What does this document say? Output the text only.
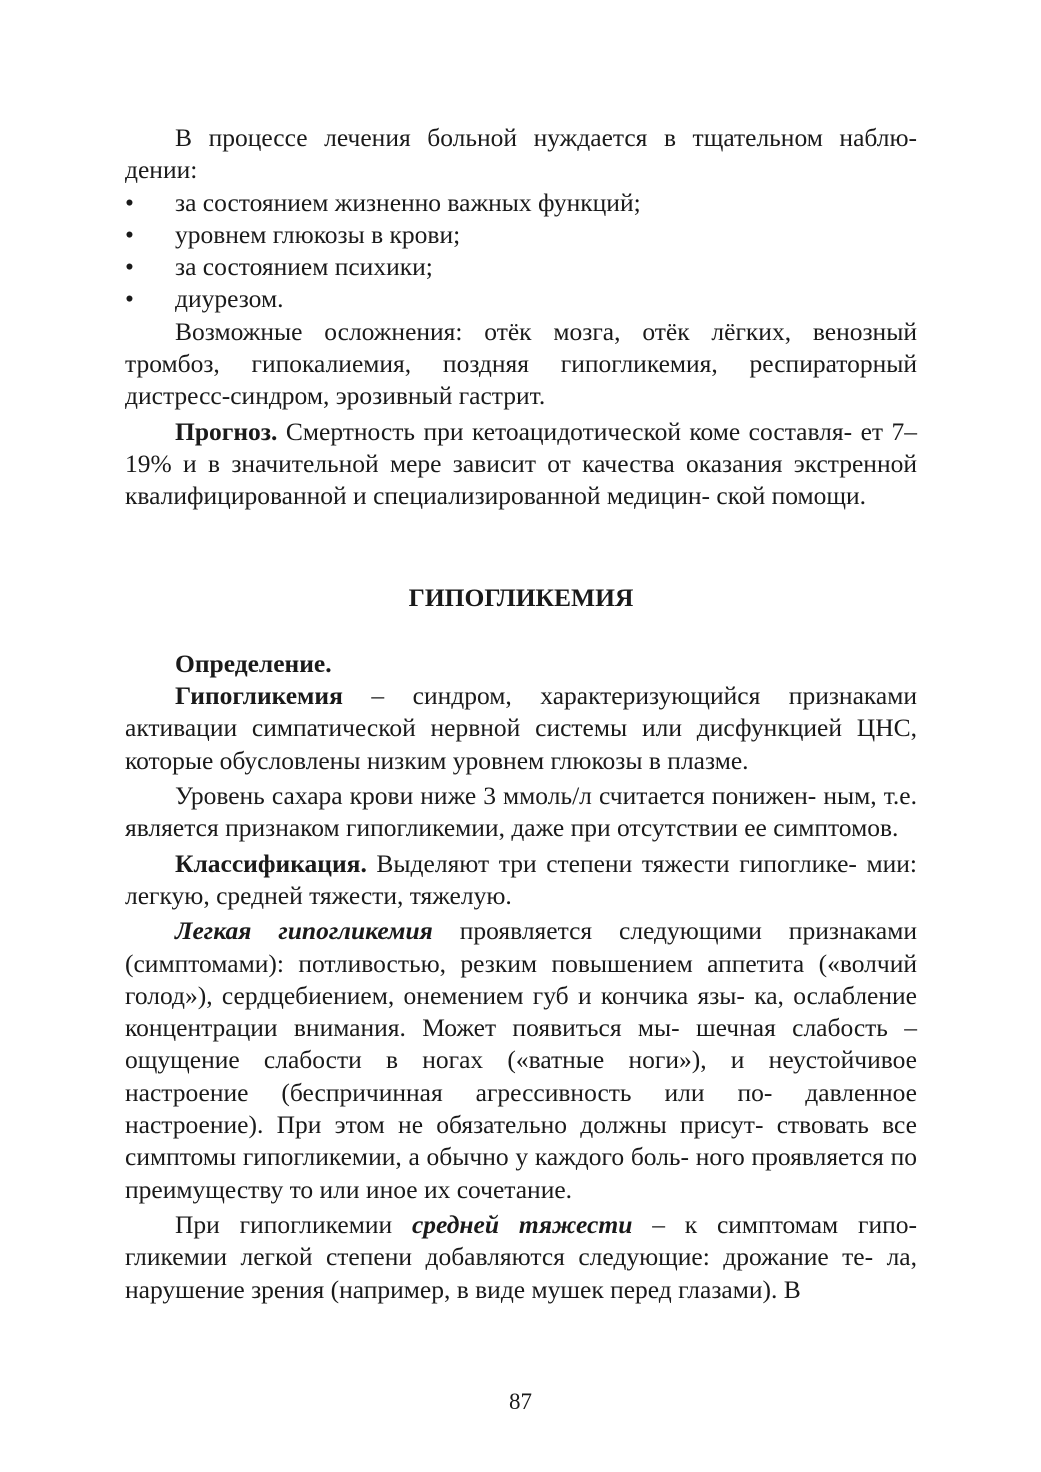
В процессе лечения больной нуждается в тщательном наблю- дении:

• за состоянием жизненно важных функций;
• уровнем глюкозы в крови;
• за состоянием психики;
• диурезом.

Возможные осложнения: отёк мозга, отёк лёгких, венозный тромбоз, гипокалиемия, поздняя гипогликемия, респираторный дистресс-синдром, эрозивный гастрит.

Прогноз. Смертность при кетоацидотической коме составля- ет 7–19% и в значительной мере зависит от качества оказания экстренной квалифицированной и специализированной медицин- ской помощи.

ГИПОГЛИКЕМИЯ

Определение.

Гипогликемия – синдром, характеризующийся признаками активации симпатической нервной системы или дисфункцией ЦНС, которые обусловлены низким уровнем глюкозы в плазме.

Уровень сахара крови ниже 3 ммоль/л считается понижен- ным, т.е. является признаком гипогликемии, даже при отсутствии ее симптомов.

Классификация. Выделяют три степени тяжести гипоглике- мии: легкую, средней тяжести, тяжелую.

Легкая гипогликемия проявляется следующими признаками (симптомами): потливостью, резким повышением аппетита («волчий голод»), сердцебиением, онемением губ и кончика язы- ка, ослабление концентрации внимания. Может появиться мы- шечная слабость – ощущение слабости в ногах («ватные ноги»), и неустойчивое настроение (беспричинная агрессивность или по- давленное настроение). При этом не обязательно должны присут- ствовать все симптомы гипогликемии, а обычно у каждого боль- ного проявляется по преимуществу то или иное их сочетание.

При гипогликемии средней тяжести – к симптомам гипо- гликемии легкой степени добавляются следующие: дрожание те- ла, нарушение зрения (например, в виде мушек перед глазами). В

87
